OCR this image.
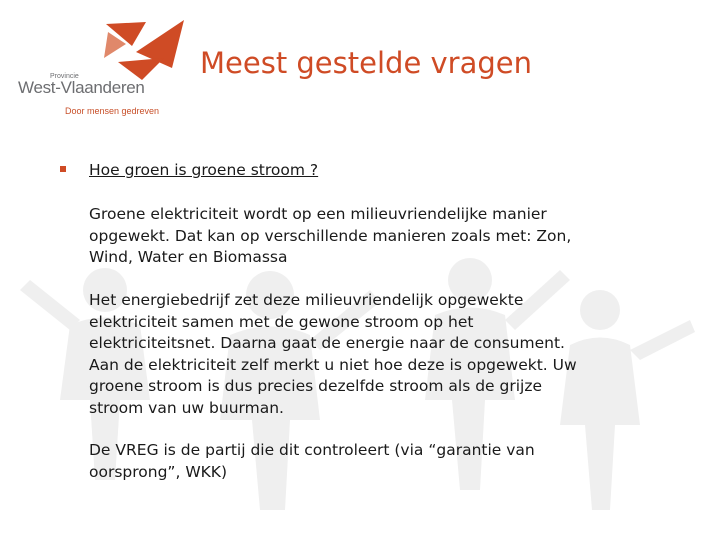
Provincie
West-Vlaanderen
Door mensen gedreven
Meest gestelde vragen
Hoe groen is groene stroom ?
Groene elektriciteit wordt op een milieuvriendelijke manier
opgewekt. Dat kan op verschillende manieren zoals met: Zon,
Wind, Water en Biomassa
Het energiebedrijf zet deze milieuvriendelijk opgewekte
elektriciteit samen met de gewone stroom op het
elektriciteitsnet. Daarna gaat de energie naar de consument.
Aan de elektriciteit zelf merkt u niet hoe deze is opgewekt. Uw
groene stroom is dus precies dezelfde stroom als de grijze
stroom van uw buurman.
De VREG is de partij die dit controleert (via “garantie van
oorsprong”, WKK)
